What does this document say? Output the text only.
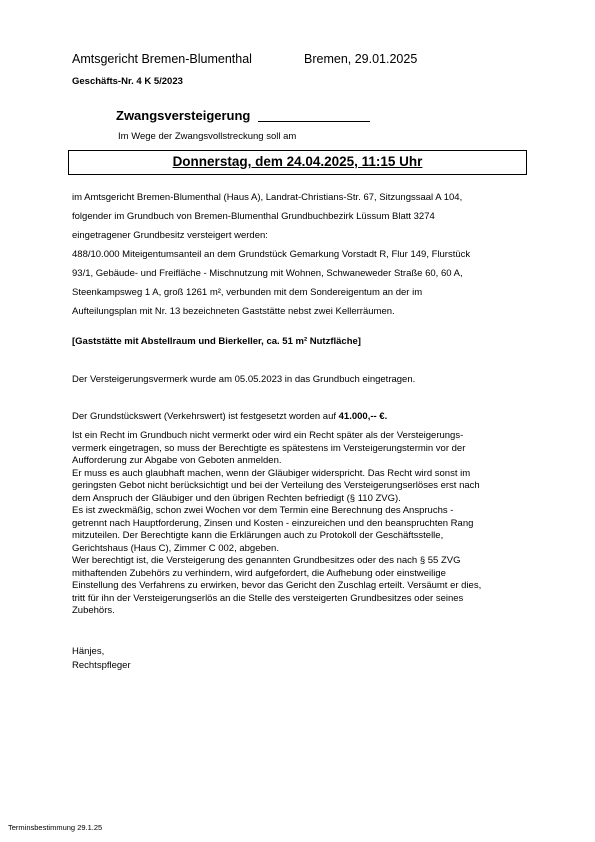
Amtsgericht Bremen-Blumenthal	Bremen, 29.01.2025
Geschäfts-Nr. 4 K 5/2023
Zwangsversteigerung
Im Wege der Zwangsvollstreckung soll am
Donnerstag, dem 24.04.2025, 11:15 Uhr
im Amtsgericht Bremen-Blumenthal (Haus A), Landrat-Christians-Str. 67, Sitzungssaal A 104,
folgender im Grundbuch von Bremen-Blumenthal Grundbuchbezirk Lüssum Blatt 3274
eingetragener Grundbesitz versteigert werden:
488/10.000 Miteigentumsanteil an dem Grundstück Gemarkung Vorstadt R, Flur 149, Flurstück
93/1, Gebäude- und Freifläche - Mischnutzung mit Wohnen, Schwaneweder Straße 60, 60 A,
Steenkampsweg 1 A, groß 1261 m², verbunden mit dem Sondereigentum an der im
Aufteilungsplan mit Nr. 13 bezeichneten Gaststätte nebst zwei Kellerräumen.
[Gaststätte mit Abstellraum und Bierkeller, ca. 51 m² Nutzfläche]
Der Versteigerungsvermerk wurde am 05.05.2023 in das Grundbuch eingetragen.
Der Grundstückswert (Verkehrswert) ist festgesetzt worden auf 41.000,-- €.
Ist ein Recht im Grundbuch nicht vermerkt oder wird ein Recht später als der Versteigerungs-
vermerk eingetragen, so muss der Berechtigte es spätestens im Versteigerungstermin vor der
Aufforderung zur Abgabe von Geboten anmelden.
Er muss es auch glaubhaft machen, wenn der Gläubiger widerspricht. Das Recht wird sonst im
geringsten Gebot nicht berücksichtigt und bei der Verteilung des Versteigerungserlöses erst nach
dem Anspruch der Gläubiger und den übrigen Rechten befriedigt (§ 110 ZVG).
Es ist zweckmäßig, schon zwei Wochen vor dem Termin eine Berechnung des Anspruchs -
getrennt nach Hauptforderung, Zinsen und Kosten - einzureichen und den beanspruchten Rang
mitzuteilen. Der Berechtigte kann die Erklärungen auch zu Protokoll der Geschäftsstelle,
Gerichtshaus (Haus C), Zimmer C 002, abgeben.
Wer berechtigt ist, die Versteigerung des genannten Grundbesitzes oder des nach § 55 ZVG
mithaftenden Zubehörs zu verhindern, wird aufgefordert, die Aufhebung oder einstweilige
Einstellung des Verfahrens zu erwirken, bevor das Gericht den Zuschlag erteilt. Versäumt er dies,
tritt für ihn der Versteigerungserlös an die Stelle des versteigerten Grundbesitzes oder seines
Zubehörs.
Hänjes,
Rechtspfleger
Terminsbestimmung 29.1.25
